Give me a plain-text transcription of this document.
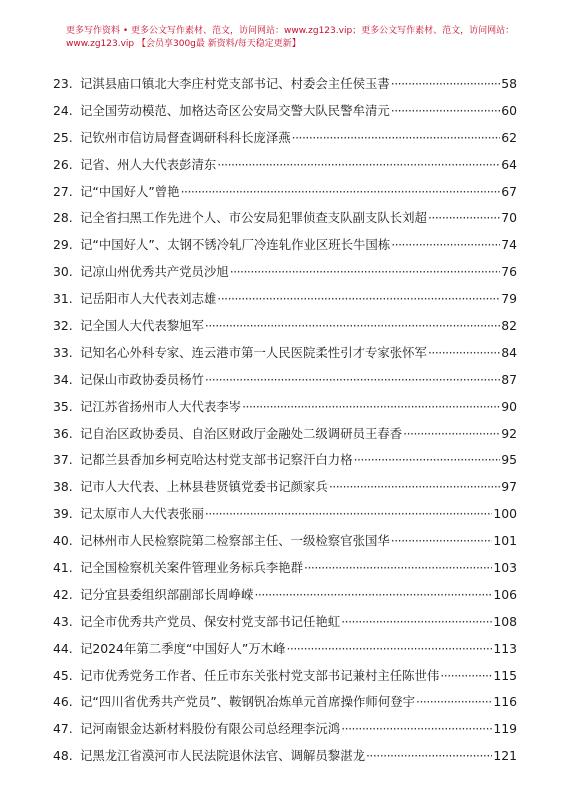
更多写作资料 • 更多公文写作素材、范文，访问网站：www.zg123.vip；更多公文写作素材、范文，访问网站：
www.zg123.vip 【会员享300g最 新资料/每天稳定更新】
23. 记淇县庙口镇北大李庄村党支部书记、村委会主任侯玉書 ·····	58
24. 记全国劳动模范、加格达奇区公安局交警大队民警牟清元 ·····	60
25. 记钦州市信访局督查调研科科长庞泽燕 ·····	62
26. 记省、州人大代表彭清东 ·····	64
27. 记“中国好人”曾艳 ·····	67
28. 记全省扫黑工作先进个人、市公安局犯罪侦查支队副支队长刘超 ·····	70
29. 记“中国好人”、太钢不锈冷轧厂冷连轧作业区班长牛国栋 ·····	74
30. 记凉山州优秀共产党员沙旭 ·····	76
31. 记岳阳市人大代表刘志雄 ·····	79
32. 记全国人大代表黎旭军 ·····	82
33. 记知名心外科专家、连云港市第一人民医院柔性引才专家张怀军 ·····	84
34. 记保山市政协委员杨竹 ·····	87
35. 记江苏省扬州市人大代表李岑 ·····	90
36. 记自治区政协委员、自治区财政厅金融处二级调研员王春香 ·····	92
37. 记都兰县香加乡柯克哈达村党支部书记察汗白力格 ·····	95
38. 记市人大代表、上林县巷贤镇党委书记颜家兵 ·····	97
39. 记太原市人大代表张丽 ·····	100
40. 记林州市人民检察院第二检察部主任、一级检察官张国华 ·····	101
41. 记全国检察机关案件管理业务标兵李艳群 ·····	103
42. 记分宜县委组织部副部长周峥嵘 ·····	106
43. 记全市优秀共产党员、保安村党支部书记任艳虹 ·····	108
44. 记2024年第二季度“中国好人”万木峰 ·····	113
45. 记市优秀党务工作者、任丘市东关张村党支部书记兼村主任陈世伟 ·····	115
46. 记“四川省优秀共产党员”、鞍钢钒冶炼单元首席操作师何登宇 ·····	116
47. 记河南银金达新材料股份有限公司总经理李沅鸿 ·····	119
48. 记黑龙江省漠河市人民法院退休法官、调解员黎湛龙 ·····	121
